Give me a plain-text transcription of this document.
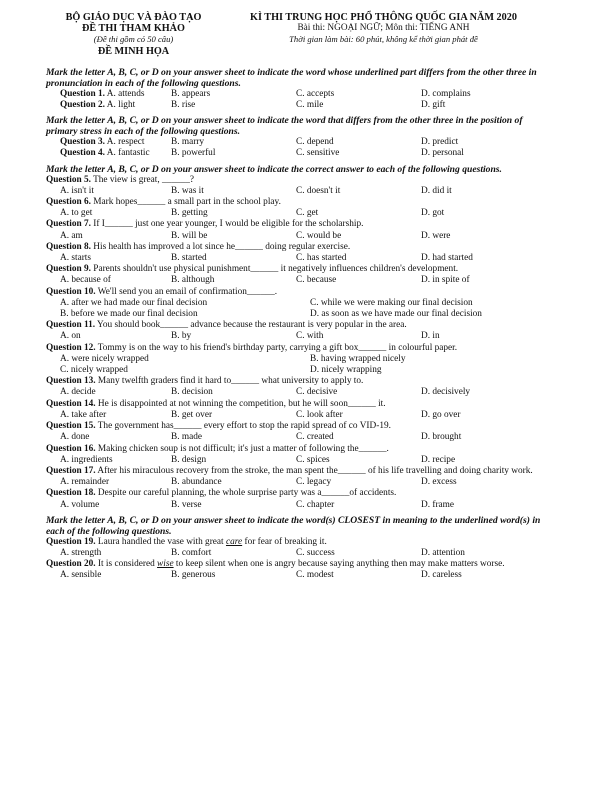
BỘ GIÁO DỤC VÀ ĐÀO TẠO
ĐỀ THI THAM KHẢO
(Đề thi gồm có 50 câu)
ĐỀ MINH HỌA
KÌ THI TRUNG HỌC PHỔ THÔNG QUỐC GIA NĂM 2020
Bài thi: NGOẠI NGỮ; Môn thi: TIẾNG ANH
Thời gian làm bài: 60 phút, không kể thời gian phát đề
Mark the letter A, B, C, or D on your answer sheet to indicate the word whose underlined part differs from the other three in pronunciation in each of the following questions.
Question 1. A. attends	B. appears	C. accepts	D. complains
Question 2. A. light	B. rise	C. mile	D. gift
Mark the letter A, B, C, or D on your answer sheet to indicate the word that differs from the other three in the position of primary stress in each of the following questions.
Question 3. A. respect	B. marry	C. depend	D. predict
Question 4. A. fantastic	B. powerful	C. sensitive	D. personal
Mark the letter A, B, C, or D on your answer sheet to indicate the correct answer to each of the following questions.
Question 5. The view is great, ______?
A. isn't it	B. was it	C. doesn't it	D. did it
Question 6. Mark hopes______ a small part in the school play.
A. to get	B. getting	C. get	D. got
Question 7. If I______ just one year younger, I would be eligible for the scholarship.
A. am	B. will be	C. would be	D. were
Question 8. His health has improved a lot since he______ doing regular exercise.
A. starts	B. started	C. has started	D. had started
Question 9. Parents shouldn't use physical punishment______ it negatively influences children's development.
A. because of	B. although	C. because	D. in spite of
Question 10. We'll send you an email of confirmation______.
A. after we had made our final decision	C. while we were making our final decision
B. before we made our final decision	D. as soon as we have made our final decision
Question 11. You should book______ advance because the restaurant is very popular in the area.
A. on	B. by	C. with	D. in
Question 12. Tommy is on the way to his friend's birthday party, carrying a gift box______ in colourful paper.
A. were nicely wrapped	B. having wrapped nicely
C. nicely wrapped	D. nicely wrapping
Question 13. Many twelfth graders find it hard to______ what university to apply to.
A. decide	B. decision	C. decisive	D. decisively
Question 14. He is disappointed at not winning the competition, but he will soon______ it.
A. take after	B. get over	C. look after	D. go over
Question 15. The government has______ every effort to stop the rapid spread of co VID-19.
A. done	B. made	C. created	D. brought
Question 16. Making chicken soup is not difficult; it's just a matter of following the______.
A. ingredients	B. design	C. spices	D. recipe
Question 17. After his miraculous recovery from the stroke, the man spent the______ of his life travelling and doing charity work.
A. remainder	B. abundance	C. legacy	D. excess
Question 18. Despite our careful planning, the whole surprise party was a______of accidents.
A. volume	B. verse	C. chapter	D. frame
Mark the letter A, B, C, or D on your answer sheet to indicate the word(s) CLOSEST in meaning to the underlined word(s) in each of the following questions.
Question 19. Laura handled the vase with great care for fear of breaking it.
A. strength	B. comfort	C. success	D. attention
Question 20. It is considered wise to keep silent when one is angry because saying anything then may make matters worse.
A. sensible	B. generous	C. modest	D. careless
